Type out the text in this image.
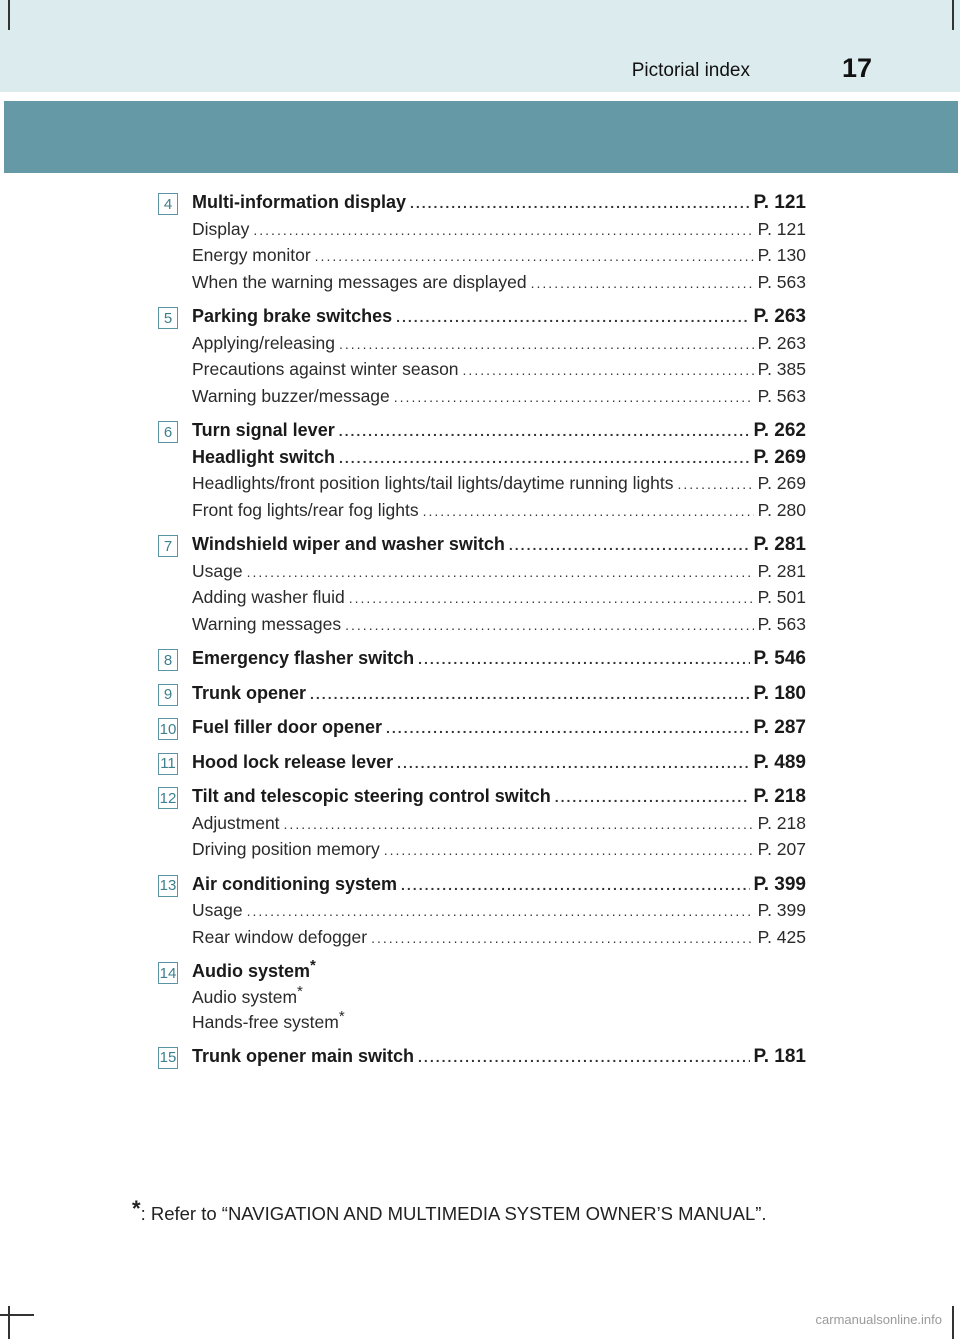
Pictorial index	17
4	Multi-information display .....	P. 121
Display .....	P. 121
Energy monitor .....	P. 130
When the warning messages are displayed .....	P. 563
5	Parking brake switches .....	P. 263
Applying/releasing .....	P. 263
Precautions against winter season .....	P. 385
Warning buzzer/message .....	P. 563
6	Turn signal lever .....	P. 262
Headlight switch .....	P. 269
Headlights/front position lights/tail lights/daytime running lights .....	P. 269
Front fog lights/rear fog lights .....	P. 280
7	Windshield wiper and washer switch .....	P. 281
Usage .....	P. 281
Adding washer fluid .....	P. 501
Warning messages .....	P. 563
8	Emergency flasher switch .....	P. 546
9	Trunk opener .....	P. 180
10 Fuel filler door opener .....	P. 287
11 Hood lock release lever .....	P. 489
12 Tilt and telescopic steering control switch .....	P. 218
Adjustment .....	P. 218
Driving position memory .....	P. 207
13 Air conditioning system .....	P. 399
Usage .....	P. 399
Rear window defogger .....	P. 425
14 Audio system*
Audio system*
Hands-free system*
15 Trunk opener main switch .....	P. 181
*: Refer to “NAVIGATION AND MULTIMEDIA SYSTEM OWNER’S MANUAL”.
carmanualsonline.info
